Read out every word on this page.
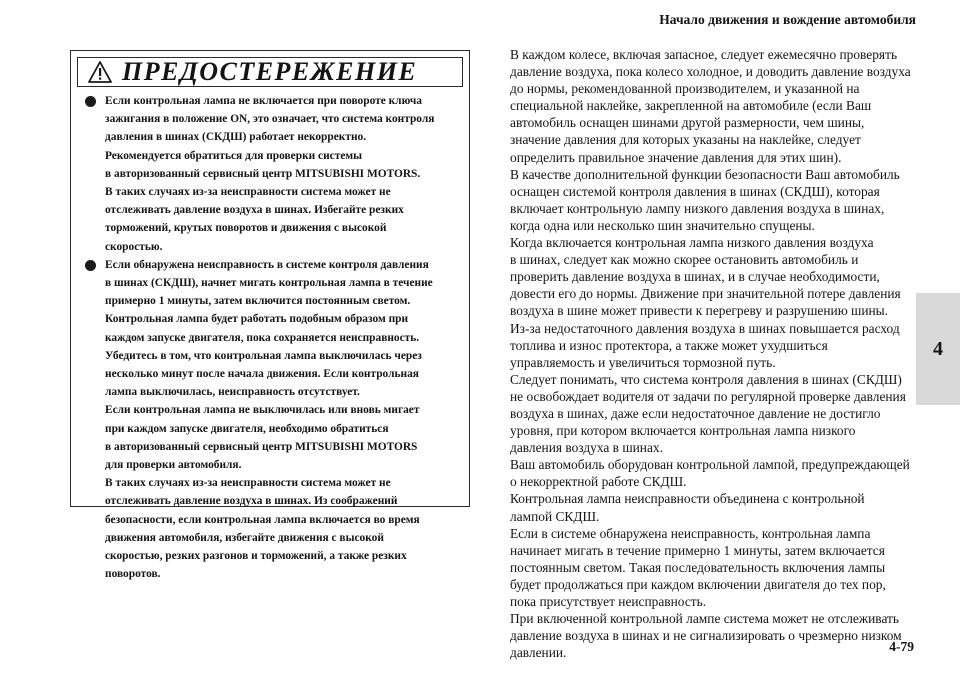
Начало движения и вождение автомобиля
ПРЕДОСТЕРЕЖЕНИЕ
Если контрольная лампа не включается при повороте ключа
зажигания в положение ON, это означает, что система контроля
давления в шинах (СКДШ) работает некорректно.
Рекомендуется обратиться для проверки системы
в авторизованный сервисный центр MITSUBISHI MOTORS.
В таких случаях из-за неисправности система может не
отслеживать давление воздуха в шинах. Избегайте резких
торможений, крутых поворотов и движения с высокой
скоростью.
Если обнаружена неисправность в системе контроля давления
в шинах (СКДШ), начнет мигать контрольная лампа в течение
примерно 1 минуты, затем включится постоянным светом.
Контрольная лампа будет работать подобным образом при
каждом запуске двигателя, пока сохраняется неисправность.
Убедитесь в том, что контрольная лампа выключилась через
несколько минут после начала движения. Если контрольная
лампа выключилась, неисправность отсутствует.
Если контрольная лампа не выключилась или вновь мигает
при каждом запуске двигателя, необходимо обратиться
в авторизованный сервисный центр MITSUBISHI MOTORS
для проверки автомобиля.
В таких случаях из-за неисправности система может не
отслеживать давление воздуха в шинах. Из соображений
безопасности, если контрольная лампа включается во время
движения автомобиля, избегайте движения с высокой
скоростью, резких разгонов и торможений, а также резких
поворотов.
В каждом колесе, включая запасное, следует ежемесячно проверять
давление воздуха, пока колесо холодное, и доводить давление воздуха
до нормы, рекомендованной производителем, и указанной на
специальной наклейке, закрепленной на автомобиле (если Ваш
автомобиль оснащен шинами другой размерности, чем шины,
значение давления для которых указаны на наклейке, следует
определить правильное значение давления для этих шин).
В качестве дополнительной функции безопасности Ваш автомобиль
оснащен системой контроля давления в шинах (СКДШ), которая
включает контрольную лампу низкого давления воздуха в шинах,
когда одна или несколько шин значительно спущены.
Когда включается контрольная лампа низкого давления воздуха
в шинах, следует как можно скорее остановить автомобиль и
проверить давление воздуха в шинах, и в случае необходимости,
довести его до нормы. Движение при значительной потере давления
воздуха в шине может привести к перегреву и разрушению шины.
Из-за недостаточного давления воздуха в шинах повышается расход
топлива и износ протектора, а также может ухудшиться
управляемость и увеличиться тормозной путь.
Следует понимать, что система контроля давления в шинах (СКДШ)
не освобождает водителя от задачи по регулярной проверке давления
воздуха в шинах, даже если недостаточное давление не достигло
уровня, при котором включается контрольная лампа низкого
давления воздуха в шинах.
Ваш автомобиль оборудован контрольной лампой, предупреждающей
о некорректной работе СКДШ.
Контрольная лампа неисправности объединена с контрольной
лампой СКДШ.
Если в системе обнаружена неисправность, контрольная лампа
начинает мигать в течение примерно 1 минуты, затем включается
постоянным светом. Такая последовательность включения лампы
будет продолжаться при каждом включении двигателя до тех пор,
пока присутствует неисправность.
При включенной контрольной лампе система может не отслеживать
давление воздуха в шинах и не сигнализировать о чрезмерно низком
давлении.
4
4-79
